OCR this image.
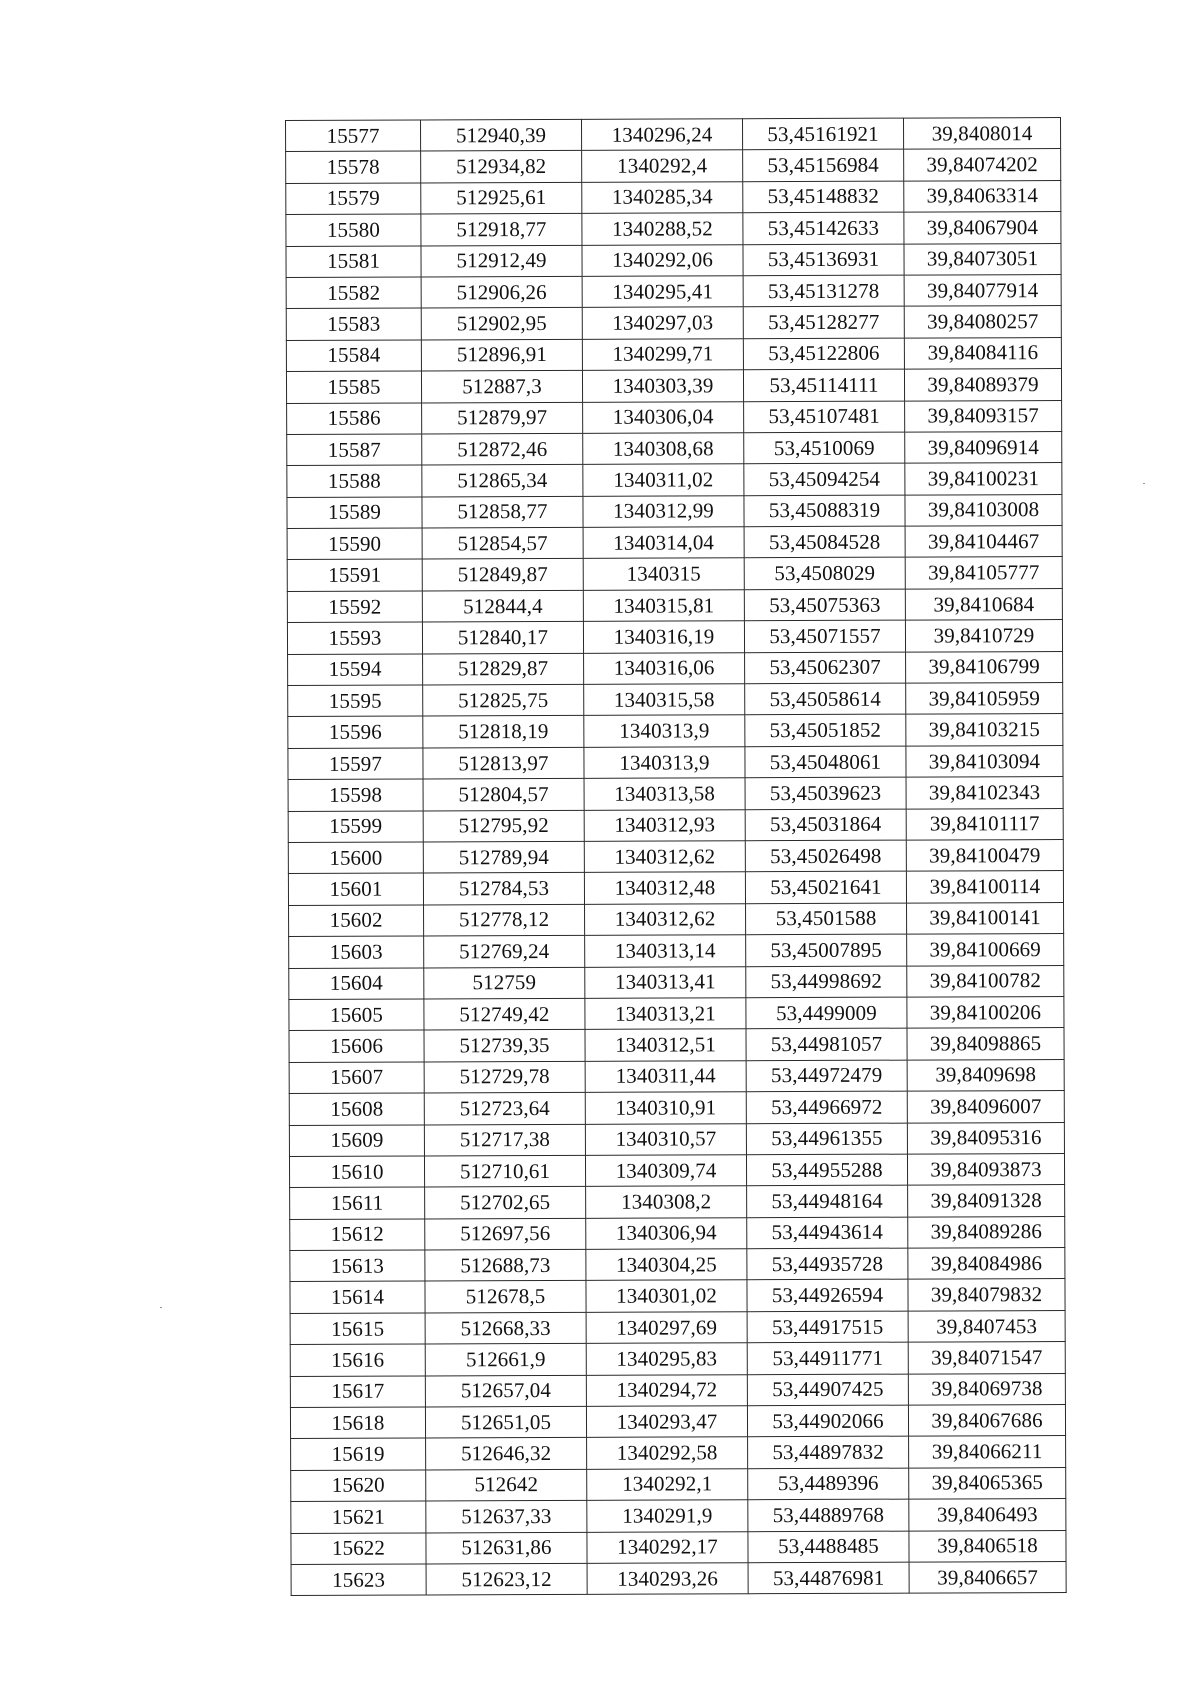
15577	512940,39	1340296,24	53,45161921	39,8408014
15578	512934,82	1340292,4	53,45156984	39,84074202
15579	512925,61	1340285,34	53,45148832	39,84063314
15580	512918,77	1340288,52	53,45142633	39,84067904
15581	512912,49	1340292,06	53,45136931	39,84073051
15582	512906,26	1340295,41	53,45131278	39,84077914
15583	512902,95	1340297,03	53,45128277	39,84080257
15584	512896,91	1340299,71	53,45122806	39,84084116
15585	512887,3	1340303,39	53,45114111	39,84089379
15586	512879,97	1340306,04	53,45107481	39,84093157
15587	512872,46	1340308,68	53,4510069	39,84096914
15588	512865,34	1340311,02	53,45094254	39,84100231
15589	512858,77	1340312,99	53,45088319	39,84103008
15590	512854,57	1340314,04	53,45084528	39,84104467
15591	512849,87	1340315	53,4508029	39,84105777
15592	512844,4	1340315,81	53,45075363	39,8410684
15593	512840,17	1340316,19	53,45071557	39,8410729
15594	512829,87	1340316,06	53,45062307	39,84106799
15595	512825,75	1340315,58	53,45058614	39,84105959
15596	512818,19	1340313,9	53,45051852	39,84103215
15597	512813,97	1340313,9	53,45048061	39,84103094
15598	512804,57	1340313,58	53,45039623	39,84102343
15599	512795,92	1340312,93	53,45031864	39,84101117
15600	512789,94	1340312,62	53,45026498	39,84100479
15601	512784,53	1340312,48	53,45021641	39,84100114
15602	512778,12	1340312,62	53,4501588	39,84100141
15603	512769,24	1340313,14	53,45007895	39,84100669
15604	512759	1340313,41	53,44998692	39,84100782
15605	512749,42	1340313,21	53,4499009	39,84100206
15606	512739,35	1340312,51	53,44981057	39,84098865
15607	512729,78	1340311,44	53,44972479	39,8409698
15608	512723,64	1340310,91	53,44966972	39,84096007
15609	512717,38	1340310,57	53,44961355	39,84095316
15610	512710,61	1340309,74	53,44955288	39,84093873
15611	512702,65	1340308,2	53,44948164	39,84091328
15612	512697,56	1340306,94	53,44943614	39,84089286
15613	512688,73	1340304,25	53,44935728	39,84084986
15614	512678,5	1340301,02	53,44926594	39,84079832
15615	512668,33	1340297,69	53,44917515	39,8407453
15616	512661,9	1340295,83	53,44911771	39,84071547
15617	512657,04	1340294,72	53,44907425	39,84069738
15618	512651,05	1340293,47	53,44902066	39,84067686
15619	512646,32	1340292,58	53,44897832	39,84066211
15620	512642	1340292,1	53,4489396	39,84065365
15621	512637,33	1340291,9	53,44889768	39,8406493
15622	512631,86	1340292,17	53,4488485	39,8406518
15623	512623,12	1340293,26	53,44876981	39,8406657
